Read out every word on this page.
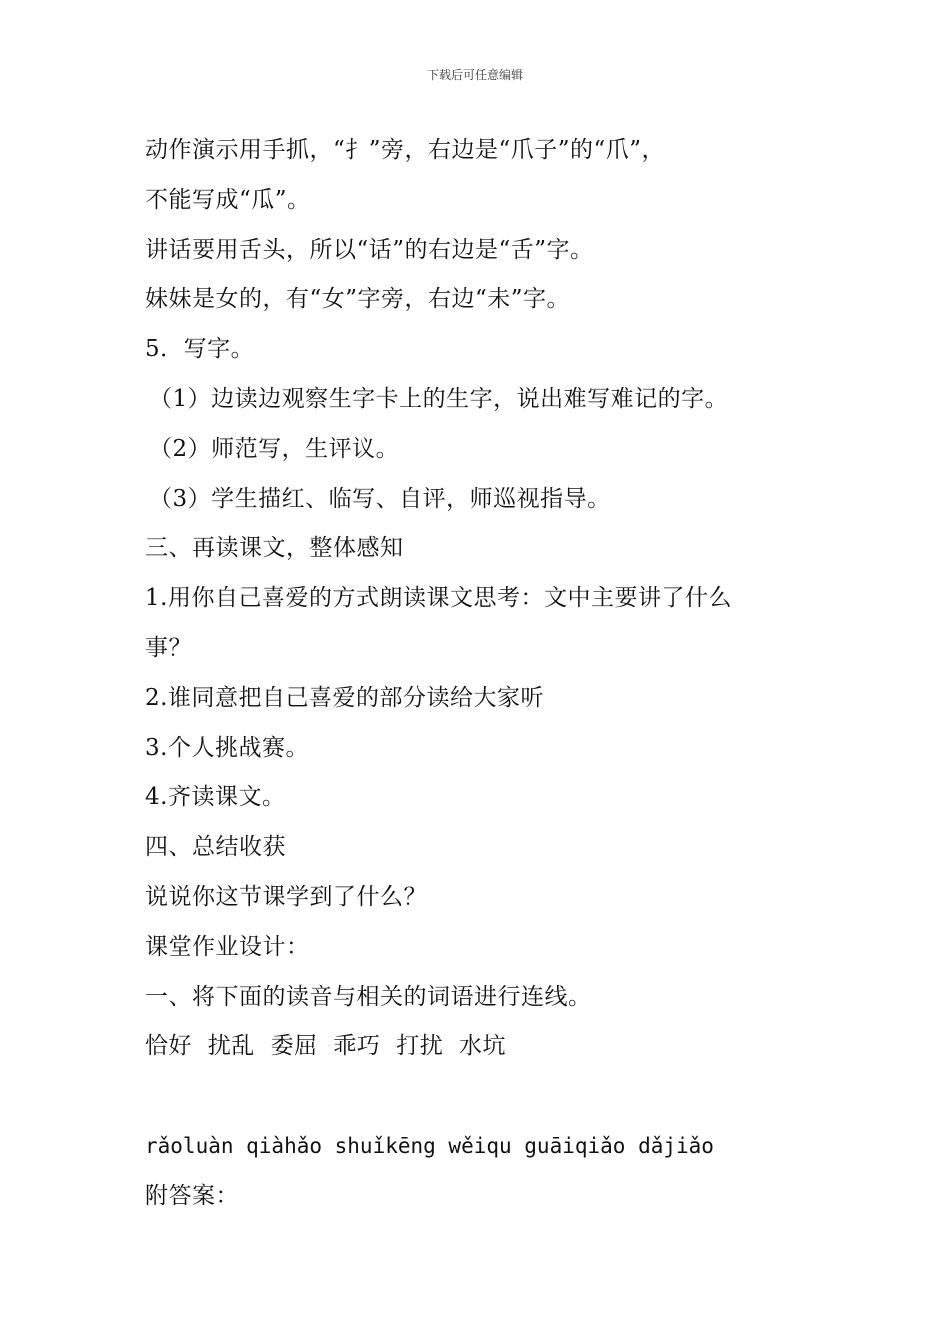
下载后可任意编辑
动作演示用手抓，“扌”旁，右边是“爪子”的“爪”，
不能写成“瓜”。
讲话要用舌头，所以“话”的右边是“舌”字。
妹妹是女的，有“女”字旁，右边“未”字。
5．写字。
（1）边读边观察生字卡上的生字，说出难写难记的字。
（2）师范写，生评议。
（3）学生描红、临写、自评，师巡视指导。
三、再读课文，整体感知
1.用你自己喜爱的方式朗读课文思考：文中主要讲了什么
事？
2.谁同意把自己喜爱的部分读给大家听
3.个人挑战赛。
4.齐读课文。
四、总结收获
说说你这节课学到了什么？
课堂作业设计：
一、将下面的读音与相关的词语进行连线。
恰好 扰乱 委屈 乖巧 打扰 水坑
rǎoluàn qiàhǎo shuǐkēng wěiqu guāiqiǎo dǎjiǎo
附答案：
